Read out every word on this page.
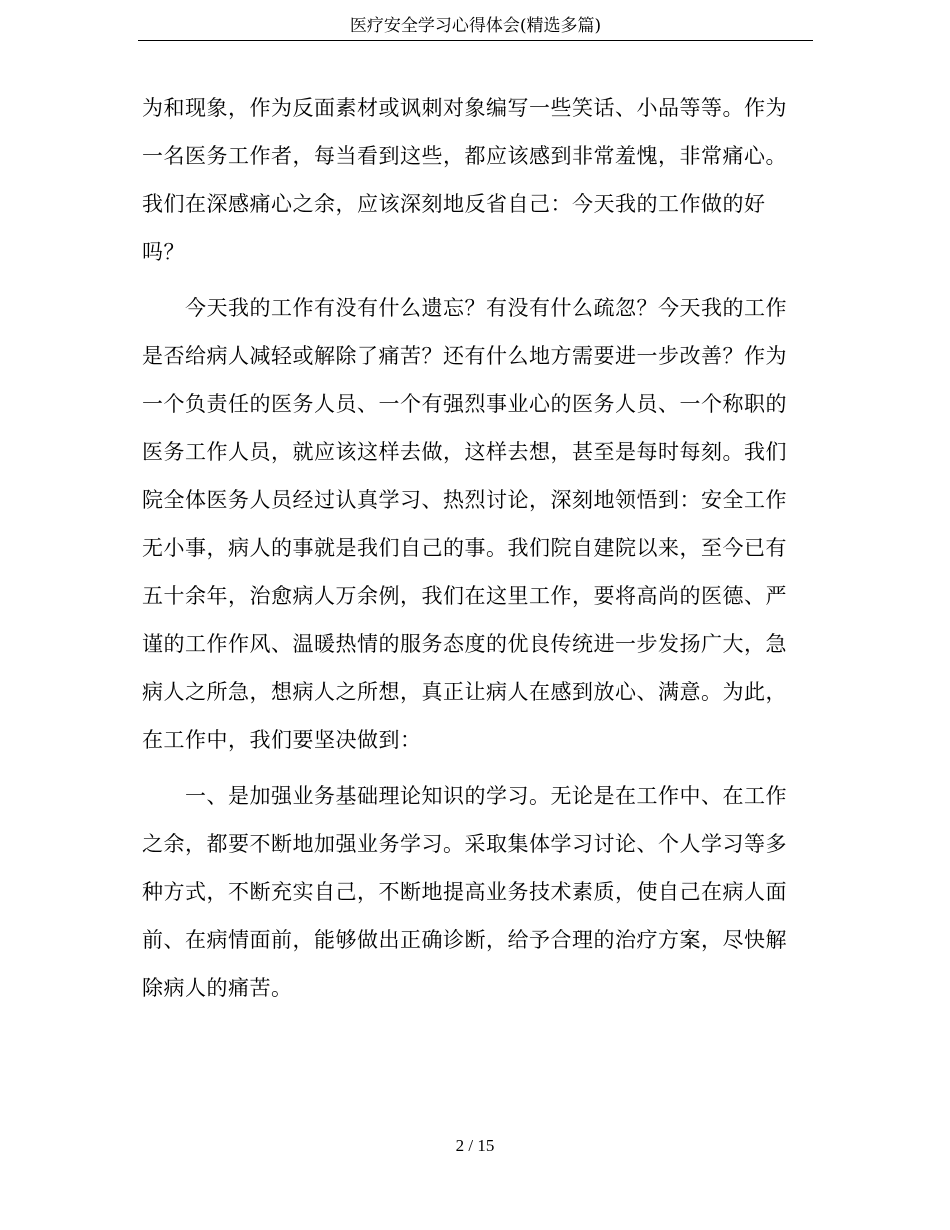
医疗安全学习心得体会(精选多篇)
为和现象，作为反面素材或讽刺对象编写一些笑话、小品等等。作为
一名医务工作者，每当看到这些，都应该感到非常羞愧，非常痛心。
我们在深感痛心之余，应该深刻地反省自己：今天我的工作做的好
吗？
今天我的工作有没有什么遗忘？有没有什么疏忽？今天我的工作
是否给病人减轻或解除了痛苦？还有什么地方需要进一步改善？作为
一个负责任的医务人员、一个有强烈事业心的医务人员、一个称职的
医务工作人员，就应该这样去做，这样去想，甚至是每时每刻。我们
院全体医务人员经过认真学习、热烈讨论，深刻地领悟到：安全工作
无小事，病人的事就是我们自己的事。我们院自建院以来，至今已有
五十余年，治愈病人万余例，我们在这里工作，要将高尚的医德、严
谨的工作作风、温暖热情的服务态度的优良传统进一步发扬广大，急
病人之所急，想病人之所想，真正让病人在感到放心、满意。为此，
在工作中，我们要坚决做到：
一、是加强业务基础理论知识的学习。无论是在工作中、在工作
之余，都要不断地加强业务学习。采取集体学习讨论、个人学习等多
种方式，不断充实自己，不断地提高业务技术素质，使自己在病人面
前、在病情面前，能够做出正确诊断，给予合理的治疗方案，尽快解
除病人的痛苦。
2 / 15
